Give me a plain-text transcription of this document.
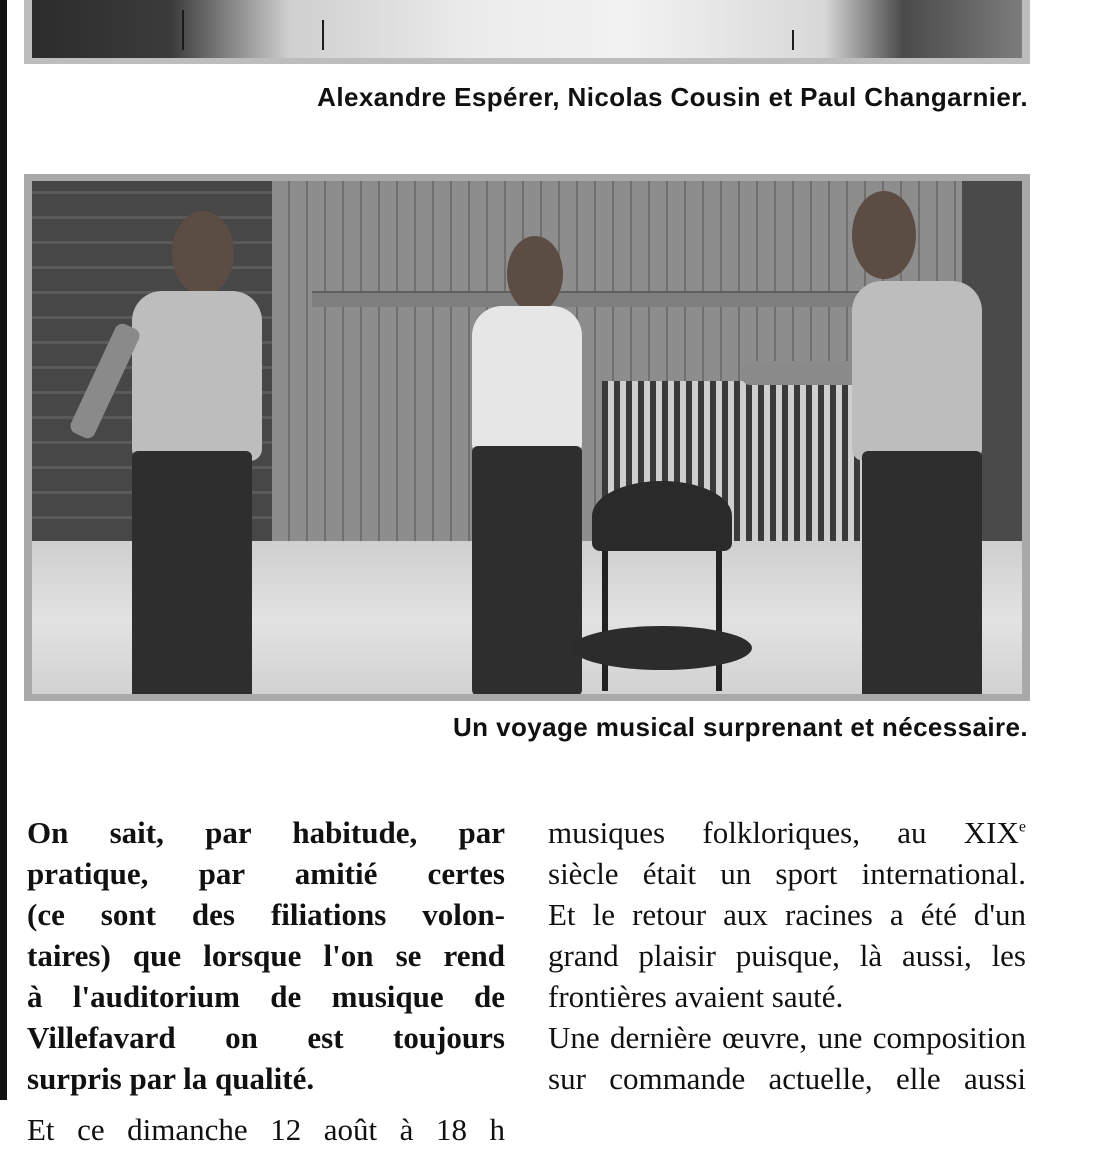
Alexandre Espérer, Nicolas Cousin et Paul Changarnier.
Un voyage musical surprenant et nécessaire.

On sait, par habitude, par
pratique, par amitié certes
(ce sont des filiations volon-
taires) que lorsque l'on se rend
à l'auditorium de musique de
Villefavard on est toujours
surpris par la qualité.

Et ce dimanche 12 août à 18 h

musiques folkloriques, au XIXe
siècle était un sport international.
Et le retour aux racines a été d'un
grand plaisir puisque, là aussi, les
frontières avaient sauté.
Une dernière œuvre, une composition
sur commande actuelle, elle aussi
